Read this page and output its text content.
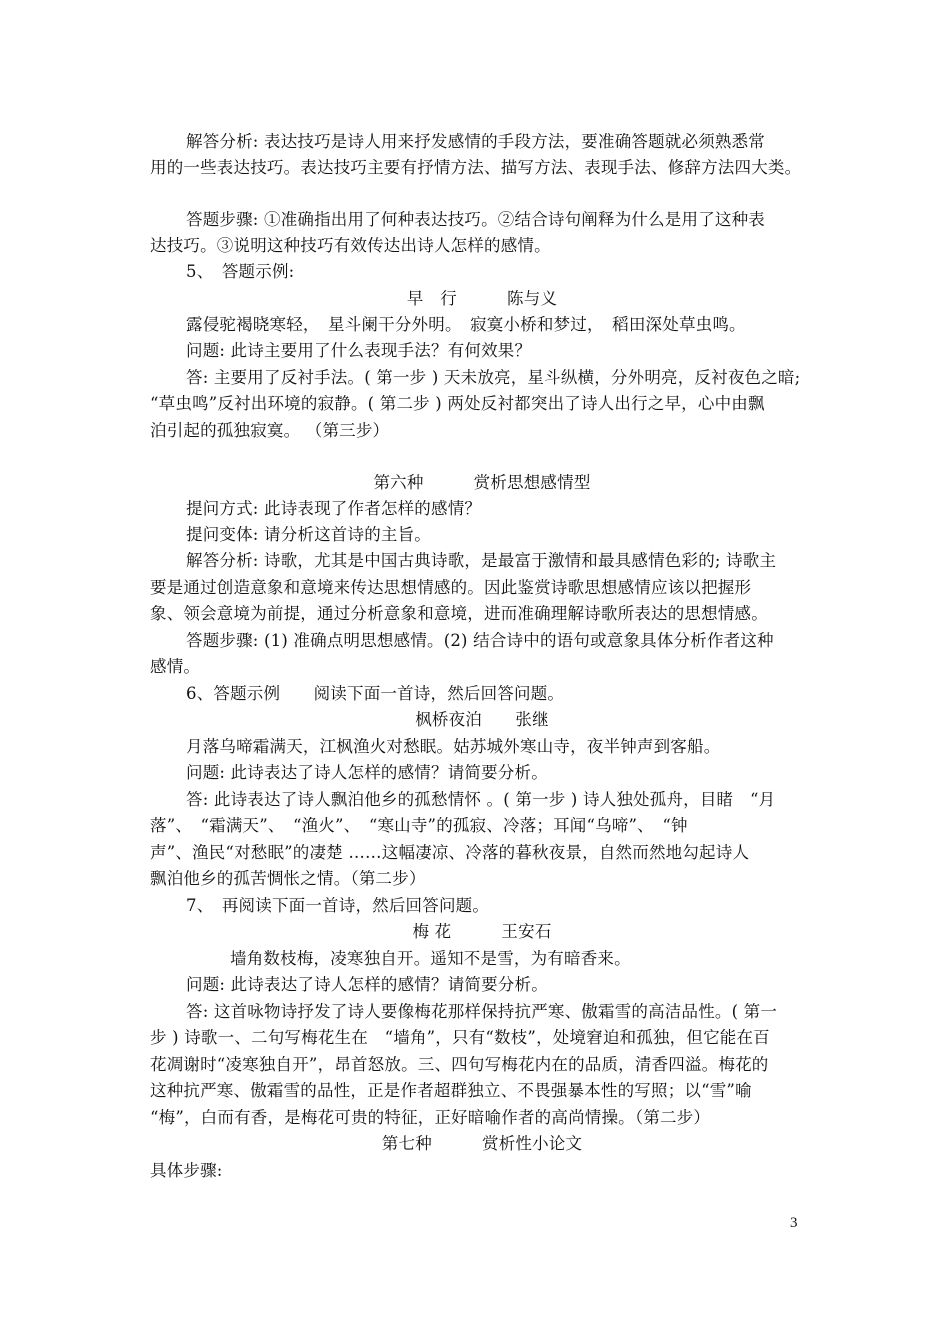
解答分析: 表达技巧是诗人用来抒发感情的手段方法，要准确答题就必须熟悉常
用的一些表达技巧。表达技巧主要有抒情方法、描写方法、表现手法、修辞方法四大类。
答题步骤: ①准确指出用了何种表达技巧。②结合诗句阐释为什么是用了这种表
达技巧。③说明这种技巧有效传达出诗人怎样的感情。
5、　答题示例:
早　行　　　陈与义
露侵驼褐晓寒轻，　星斗阑干分外明。　寂寞小桥和梦过，　稻田深处草虫鸣。
问题: 此诗主要用了什么表现手法？有何效果？
答: 主要用了反衬手法。( 第一步 ) 天未放亮，星斗纵横，分外明亮，反衬夜色之暗;
“草虫鸣”反衬出环境的寂静。( 第二步 ) 两处反衬都突出了诗人出行之早，心中由飘
泊引起的孤独寂寞。 （第三步）
第六种　　　赏析思想感情型
提问方式: 此诗表现了作者怎样的感情？
提问变体: 请分析这首诗的主旨。
解答分析: 诗歌，尤其是中国古典诗歌，是最富于激情和最具感情色彩的; 诗歌主
要是通过创造意象和意境来传达思想情感的。因此鉴赏诗歌思想感情应该以把握形
象、领会意境为前提，通过分析意象和意境，进而准确理解诗歌所表达的思想情感。
答题步骤: (1) 准确点明思想感情。(2) 结合诗中的语句或意象具体分析作者这种
感情。
6、答题示例　　阅读下面一首诗，然后回答问题。
枫桥夜泊　　张继
月落乌啼霜满天，江枫渔火对愁眠。姑苏城外寒山寺，夜半钟声到客船。
问题: 此诗表达了诗人怎样的感情？请简要分析。
答: 此诗表达了诗人飘泊他乡的孤愁情怀 。( 第一步 ) 诗人独处孤舟，目睹　“月
落”、　“霜满天”、　“渔火”、　“寒山寺”的孤寂、冷落；耳闻“乌啼”、　“钟
声”、渔民“对愁眠”的凄楚 ……这幅凄凉、冷落的暮秋夜景，自然而然地勾起诗人
飘泊他乡的孤苦惆怅之情。（第二步）
7、　再阅读下面一首诗，然后回答问题。
梅 花　　　王安石
墙角数枝梅，凌寒独自开。遥知不是雪，为有暗香来。
问题: 此诗表达了诗人怎样的感情？请简要分析。
答: 这首咏物诗抒发了诗人要像梅花那样保持抗严寒、傲霜雪的高洁品性。( 第一
步 ) 诗歌一、二句写梅花生在　“墙角”，只有“数枝”，处境窘迫和孤独，但它能在百
花凋谢时“凌寒独自开”，昂首怒放。三、四句写梅花内在的品质，清香四溢。梅花的
这种抗严寒、傲霜雪的品性，正是作者超群独立、不畏强暴本性的写照；以“雪”喻
“梅”，白而有香，是梅花可贵的特征，正好暗喻作者的高尚情操。（第二步）
第七种　　　赏析性小论文
具体步骤:
3
